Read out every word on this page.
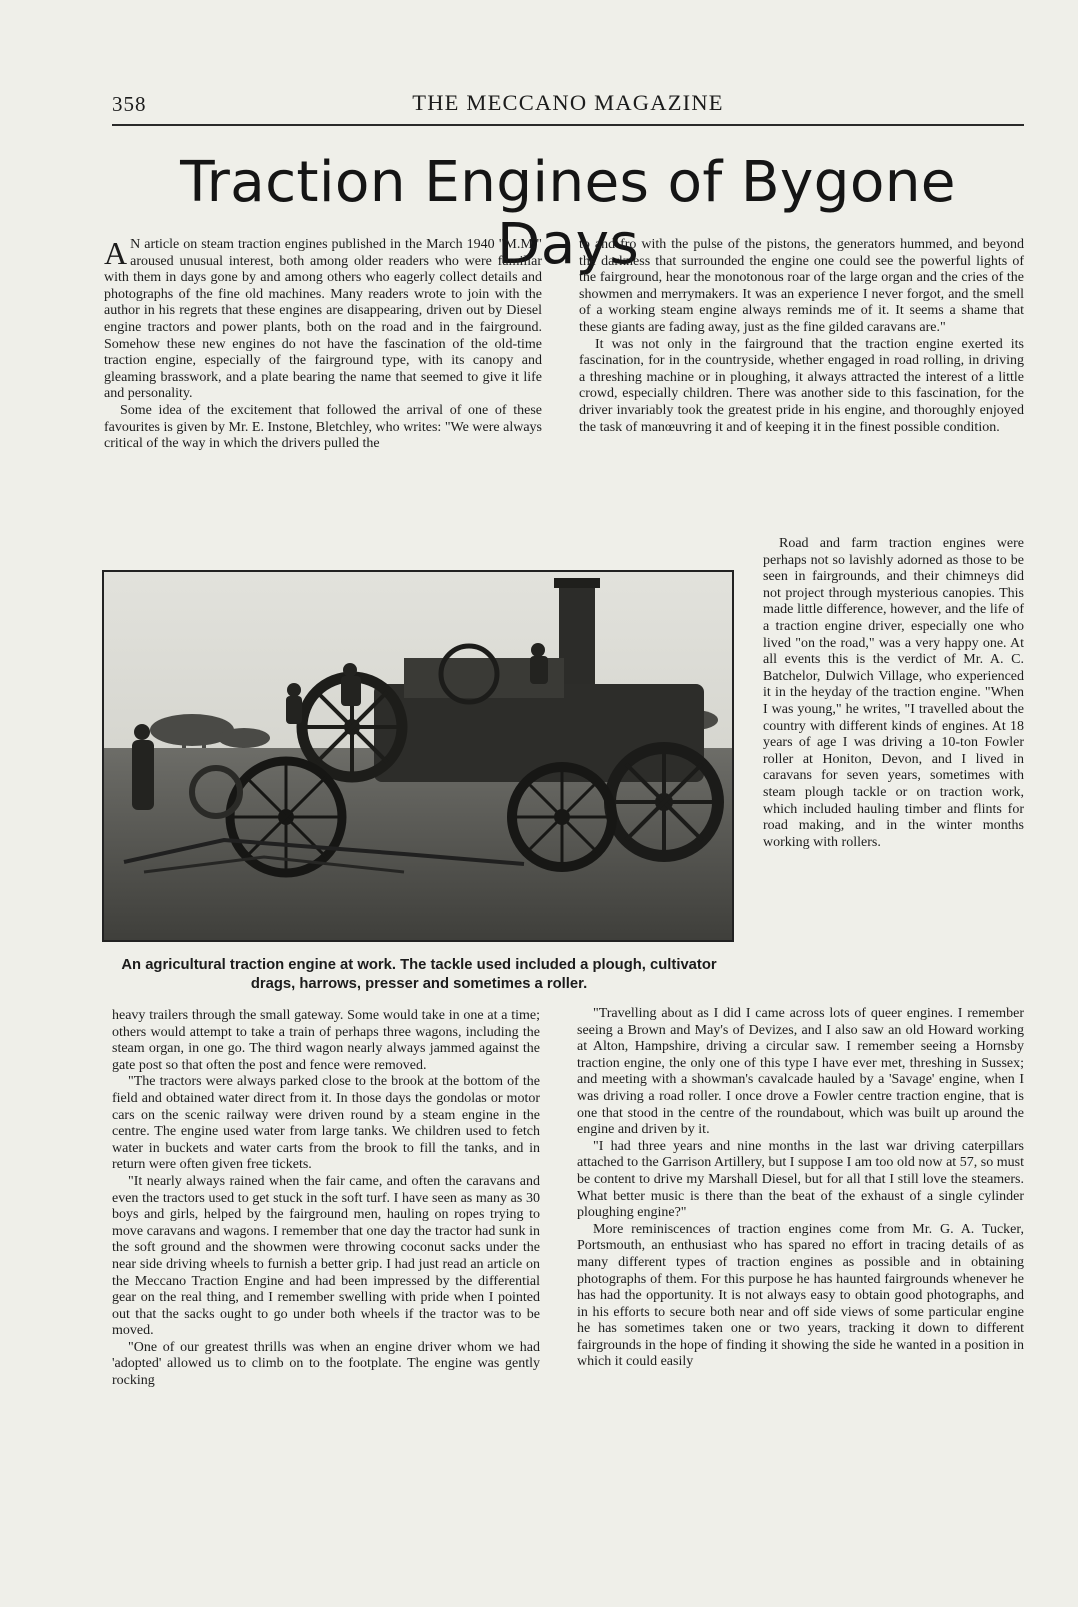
358	THE MECCANO MAGAZINE
Traction Engines of Bygone Days

A N article on steam traction engines published in the March 1940 "M.M." aroused unusual interest, both among older readers who were familiar with them in days gone by and among others who eagerly collect details and photographs of the fine old machines. Many readers wrote to join with the author in his regrets that these engines are disappearing, driven out by Diesel engine tractors and power plants, both on the road and in the fairground. Somehow these new engines do not have the fascination of the old-time traction engine, especially of the fairground type, with its canopy and gleaming brasswork, and a plate bearing the name that seemed to give it life and personality.

Some idea of the excitement that followed the arrival of one of these favourites is given by Mr. E. Instone, Bletchley, who writes: "We were always critical of the way in which the drivers pulled the

to and fro with the pulse of the pistons, the generators hummed, and beyond the darkness that surrounded the engine one could see the powerful lights of the fairground, hear the monotonous roar of the large organ and the cries of the showmen and merrymakers. It was an experience I never forgot, and the smell of a working steam engine always reminds me of it. It seems a shame that these giants are fading away, just as the fine gilded caravans are."

It was not only in the fairground that the traction engine exerted its fascination, for in the countryside, whether engaged in road rolling, in driving a threshing machine or in ploughing, it always attracted the interest of a little crowd, especially children. There was another side to this fascination, for the driver invariably took the greatest pride in his engine, and thoroughly enjoyed the task of manœuvring it and of keeping it in the finest possible condition.

Road and farm traction engines were perhaps not so lavishly adorned as those to be seen in fairgrounds, and their chimneys did not project through mysterious canopies. This made little difference, however, and the life of a traction engine driver, especially one who lived "on the road," was a very happy one. At all events this is the verdict of Mr. A. C. Batchelor, Dulwich Village, who experienced it in the heyday of the traction engine. "When I was young," he writes, "I travelled about the country with different kinds of engines. At 18 years of age I was driving a 10-ton Fowler roller at Honiton, Devon, and I lived in caravans for seven years, sometimes with steam plough tackle or on traction work, which included hauling timber and flints for road making, and in the winter months working with rollers.

An agricultural traction engine at work. The tackle used included a plough, cultivator drags, harrows, presser and sometimes a roller.

heavy trailers through the small gateway. Some would take in one at a time; others would attempt to take a train of perhaps three wagons, including the steam organ, in one go. The third wagon nearly always jammed against the gate post so that often the post and fence were removed.

"The tractors were always parked close to the brook at the bottom of the field and obtained water direct from it. In those days the gondolas or motor cars on the scenic railway were driven round by a steam engine in the centre. The engine used water from large tanks. We children used to fetch water in buckets and water carts from the brook to fill the tanks, and in return were often given free tickets.

"It nearly always rained when the fair came, and often the caravans and even the tractors used to get stuck in the soft turf. I have seen as many as 30 boys and girls, helped by the fairground men, hauling on ropes trying to move caravans and wagons. I remember that one day the tractor had sunk in the soft ground and the showmen were throwing coconut sacks under the near side driving wheels to furnish a better grip. I had just read an article on the Meccano Traction Engine and had been impressed by the differential gear on the real thing, and I remember swelling with pride when I pointed out that the sacks ought to go under both wheels if the tractor was to be moved.

"One of our greatest thrills was when an engine driver whom we had 'adopted' allowed us to climb on to the footplate. The engine was gently rocking

"Travelling about as I did I came across lots of queer engines. I remember seeing a Brown and May's of Devizes, and I also saw an old Howard working at Alton, Hampshire, driving a circular saw. I remember seeing a Hornsby traction engine, the only one of this type I have ever met, threshing in Sussex; and meeting with a showman's cavalcade hauled by a 'Savage' engine, when I was driving a road roller. I once drove a Fowler centre traction engine, that is one that stood in the centre of the roundabout, which was built up around the engine and driven by it.

"I had three years and nine months in the last war driving caterpillars attached to the Garrison Artillery, but I suppose I am too old now at 57, so must be content to drive my Marshall Diesel, but for all that I still love the steamers. What better music is there than the beat of the exhaust of a single cylinder ploughing engine?"

More reminiscences of traction engines come from Mr. G. A. Tucker, Portsmouth, an enthusiast who has spared no effort in tracing details of as many different types of traction engines as possible and in obtaining photographs of them. For this purpose he has haunted fairgrounds whenever he has had the opportunity. It is not always easy to obtain good photographs, and in his efforts to secure both near and off side views of some particular engine he has sometimes taken one or two years, tracking it down to different fairgrounds in the hope of finding it showing the side he wanted in a position in which it could easily
